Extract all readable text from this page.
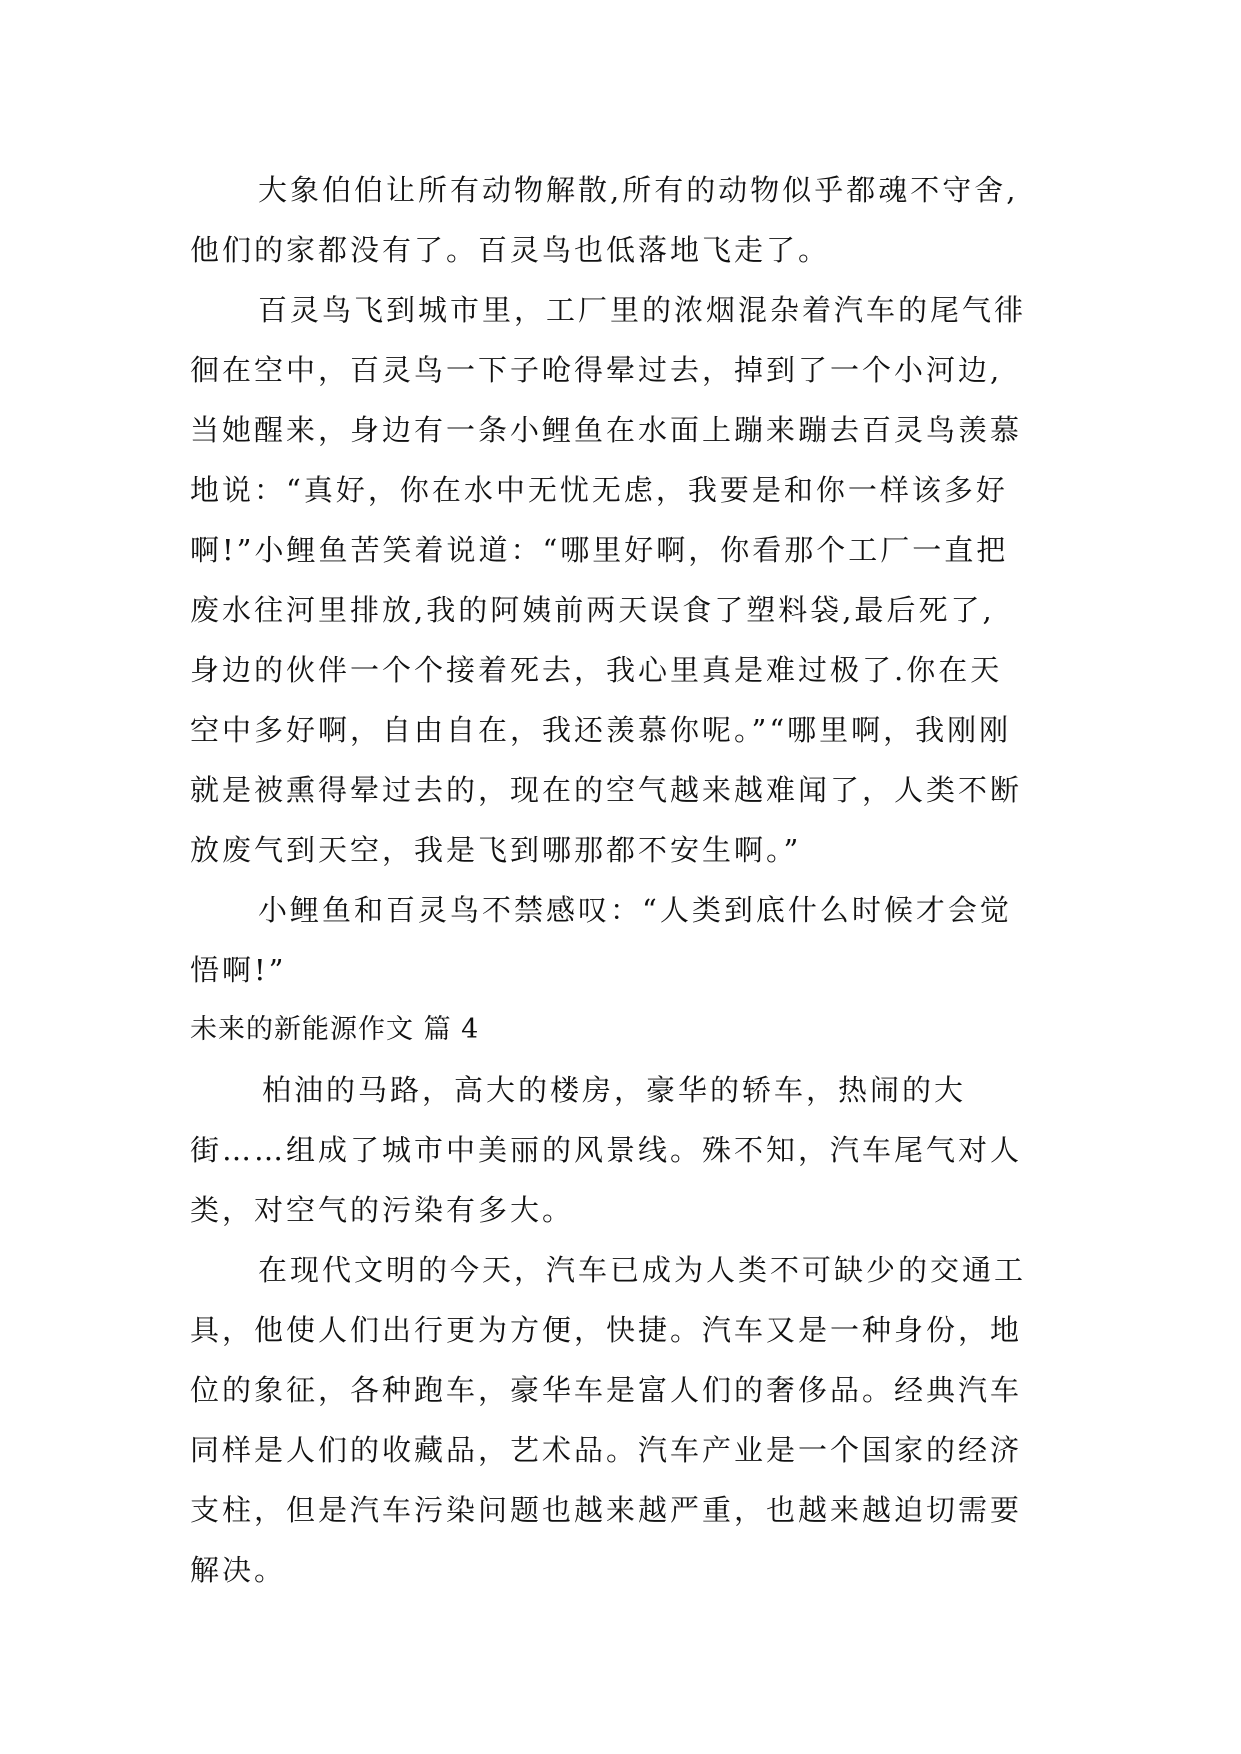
大象伯伯让所有动物解散,所有的动物似乎都魂不守舍,
他们的家都没有了。百灵鸟也低落地飞走了。
百灵鸟飞到城市里，工厂里的浓烟混杂着汽车的尾气徘
徊在空中，百灵鸟一下子呛得晕过去，掉到了一个小河边,
当她醒来，身边有一条小鲤鱼在水面上蹦来蹦去百灵鸟羡慕
地说：“真好，你在水中无忧无虑，我要是和你一样该多好
啊!”小鲤鱼苦笑着说道：“哪里好啊，你看那个工厂一直把
废水往河里排放,我的阿姨前两天误食了塑料袋,最后死了,
身边的伙伴一个个接着死去，我心里真是难过极了.你在天
空中多好啊，自由自在，我还羡慕你呢。”“哪里啊，我刚刚
就是被熏得晕过去的，现在的空气越来越难闻了，人类不断
放废气到天空，我是飞到哪那都不安生啊。”
小鲤鱼和百灵鸟不禁感叹：“人类到底什么时候才会觉
悟啊!”
未来的新能源作文 篇 4
柏油的马路，高大的楼房，豪华的轿车，热闹的大
街……组成了城市中美丽的风景线。殊不知，汽车尾气对人
类，对空气的污染有多大。
在现代文明的今天，汽车已成为人类不可缺少的交通工
具，他使人们出行更为方便，快捷。汽车又是一种身份，地
位的象征，各种跑车，豪华车是富人们的奢侈品。经典汽车
同样是人们的收藏品，艺术品。汽车产业是一个国家的经济
支柱，但是汽车污染问题也越来越严重，也越来越迫切需要
解决。
